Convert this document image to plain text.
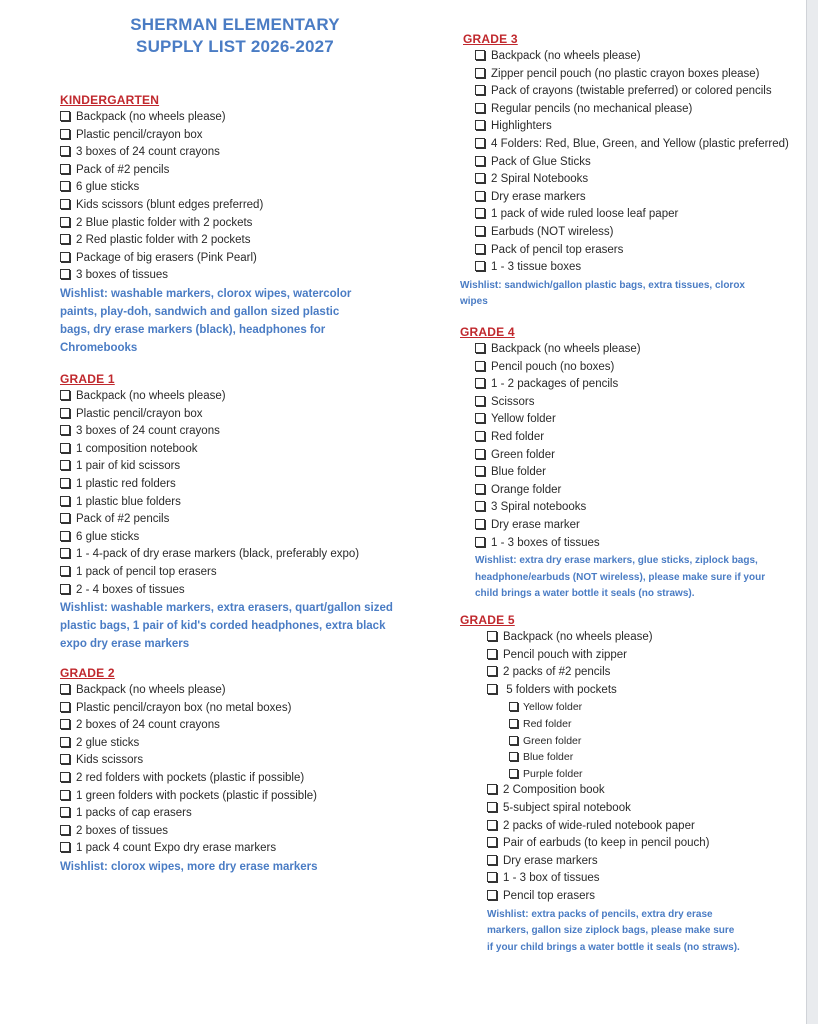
SHERMAN ELEMENTARY
SUPPLY LIST 2026-2027
KINDERGARTEN
Backpack (no wheels please)
Plastic pencil/crayon box
3 boxes of 24 count crayons
Pack of #2 pencils
6 glue sticks
Kids scissors (blunt edges preferred)
2 Blue plastic folder with 2 pockets
2 Red plastic folder with 2 pockets
Package of big erasers (Pink Pearl)
3 boxes of tissues
Wishlist: washable markers, clorox wipes, watercolor
paints, play-doh, sandwich and gallon sized plastic
bags, dry erase markers (black), headphones for
Chromebooks
GRADE 1
Backpack (no wheels please)
Plastic pencil/crayon box
3 boxes of 24 count crayons
1 composition notebook
1 pair of kid scissors
1 plastic red folders
1 plastic blue folders
Pack of #2 pencils
6 glue sticks
1 - 4-pack of dry erase markers (black, preferably expo)
1 pack of pencil top erasers
2 - 4 boxes of tissues
Wishlist: washable markers, extra erasers, quart/gallon sized
plastic bags, 1 pair of kid's corded headphones, extra black
expo dry erase markers
GRADE 2
Backpack (no wheels please)
Plastic pencil/crayon box (no metal boxes)
2 boxes of 24 count crayons
2 glue sticks
Kids scissors
2 red folders with pockets (plastic if possible)
1 green folders with pockets (plastic if possible)
1 packs of cap erasers
2 boxes of tissues
1 pack 4 count Expo dry erase markers
Wishlist: clorox wipes, more dry erase markers
GRADE 3
Backpack (no wheels please)
Zipper pencil pouch (no plastic crayon boxes please)
Pack of crayons (twistable preferred) or colored pencils
Regular pencils (no mechanical please)
Highlighters
4 Folders: Red, Blue, Green, and Yellow (plastic preferred)
Pack of Glue Sticks
2 Spiral Notebooks
Dry erase markers
1 pack of wide ruled loose leaf paper
Earbuds (NOT wireless)
Pack of pencil top erasers
1 - 3 tissue boxes
Wishlist: sandwich/gallon plastic bags, extra tissues, clorox
wipes
GRADE 4
Backpack (no wheels please)
Pencil pouch (no boxes)
1 - 2 packages of pencils
Scissors
Yellow folder
Red folder
Green folder
Blue folder
Orange folder
3 Spiral notebooks
Dry erase marker
1 - 3 boxes of tissues
Wishlist: extra dry erase markers, glue sticks, ziplock bags,
headphone/earbuds (NOT wireless), please make sure if your
child brings a water bottle it seals (no straws).
GRADE 5
Backpack (no wheels please)
Pencil pouch with zipper
2 packs of #2 pencils
5 folders with pockets
Yellow folder
Red folder
Green folder
Blue folder
Purple folder
2 Composition book
5-subject spiral notebook
2 packs of wide-ruled notebook paper
Pair of earbuds (to keep in pencil pouch)
Dry erase markers
1 - 3 box of tissues
Pencil top erasers
Wishlist: extra packs of pencils, extra dry erase
markers, gallon size ziplock bags, please make sure
if your child brings a water bottle it seals (no straws).
